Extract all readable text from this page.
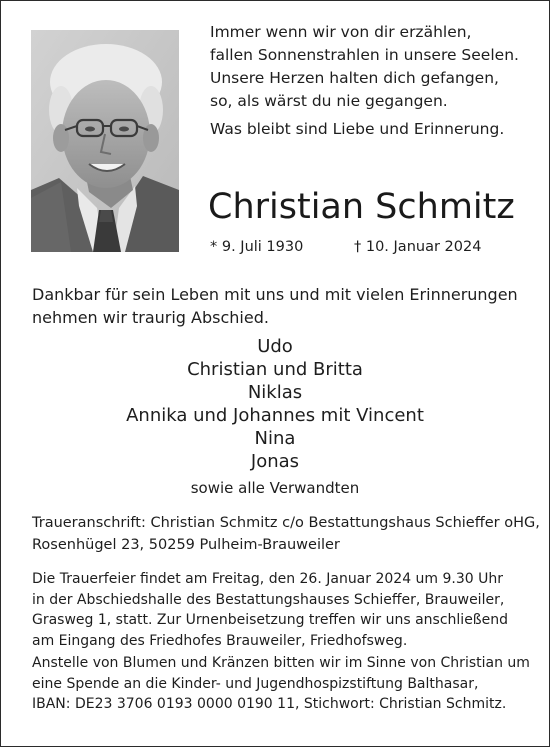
Immer wenn wir von dir erzählen,
fallen Sonnenstrahlen in unsere Seelen.
Unsere Herzen halten dich gefangen,
so, als wärst du nie gegangen.
Was bleibt sind Liebe und Erinnerung.
Christian Schmitz
* 9. Juli 1930	† 10. Januar 2024
Dankbar für sein Leben mit uns und mit vielen Erinnerungen
nehmen wir traurig Abschied.
Udo
Christian und Britta
Niklas
Annika und Johannes mit Vincent
Nina
Jonas
sowie alle Verwandten
Traueranschrift: Christian Schmitz c/o Bestattungshaus Schieffer oHG,
Rosenhügel 23, 50259 Pulheim-Brauweiler
Die Trauerfeier findet am Freitag, den 26. Januar 2024 um 9.30 Uhr
in der Abschiedshalle des Bestattungshauses Schieffer, Brauweiler,
Grasweg 1, statt. Zur Urnenbeisetzung treffen wir uns anschließend
am Eingang des Friedhofes Brauweiler, Friedhofsweg.
Anstelle von Blumen und Kränzen bitten wir im Sinne von Christian um
eine Spende an die Kinder- und Jugendhospizstiftung Balthasar,
IBAN: DE23 3706 0193 0000 0190 11, Stichwort: Christian Schmitz.
